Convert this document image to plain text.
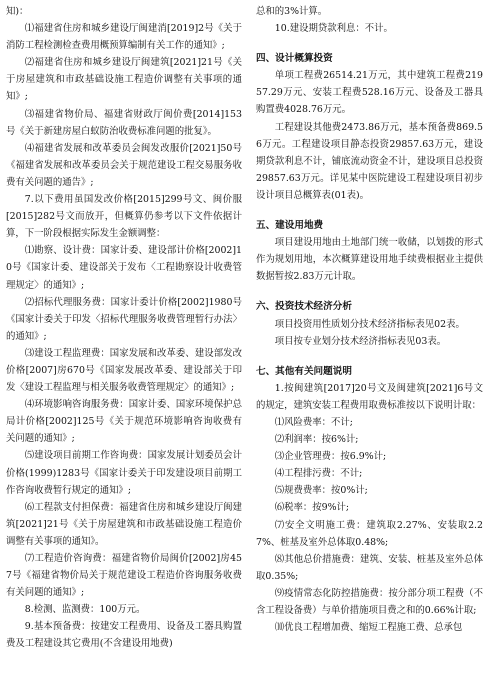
知)：

⑴福建省住房和城乡建设厅闽建消[2019]2号《关于消防工程检测检查费用概预算编制有关工作的通知》;

⑵福建省住房和城乡建设厅闽建筑[2021]21号《关于房屋建筑和市政基础设施工程造价调整有关事项的通知》;

⑶福建省物价局、福建省财政厅闽价费[2014]153号《关于新建房屋白蚁防治收费标准问题的批复》。

⑷福建省发展和改革委员会闽发改服价[2021]50号《福建省发展和改革委员会关于规范建设工程交易服务收费有关问题的通告》;

7.以下费用虽国发改价格[2015]299号文、闽价服[2015]282号文而放开，但概算仍参考以下文件依据计算，下一阶段根据实际发生金额调整：

⑴勘察、设计费：国家计委、建设部计价格[2002]10号《国家计委、建设部关于发布〈工程勘察设计收费管理规定〉的通知》;

⑵招标代理服务费：国家计委计价格[2002]1980号《国家计委关于印发〈招标代理服务收费管理暂行办法〉的通知》;

⑶建设工程监理费：国家发展和改革委、建设部发改价格[2007]房670号《国家发展改革委、建设部关于印发〈建设工程监理与相关服务收费管理规定〉的通知》;

⑷环境影响咨询服务费：国家计委、国家环境保护总局计价格[2002]125号《关于规范环境影响咨询收费有关问题的通知》;

⑸建设项目前期工作咨询费：国家发展计划委员会计价格(1999)1283号《国家计委关于印发建设项目前期工作咨询收费暂行规定的通知》;

⑹工程款支付担保费：福建省住房和城乡建设厅闽建筑[2021]21号《关于房屋建筑和市政基础设施工程造价调整有关事项的通知》。

⑺工程造价咨询费：福建省物价局闽价[2002]房457号《福建省物价局关于规范建设工程造价咨询服务收费有关问题的通知》;

8.检测、监测费：100万元。

9.基本预备费：按建安工程费用、设备及工器具购置费及工程建设其它费用(不含建设用地费)

总和的3%计算。

10.建设期贷款利息：不计。

四、设计概算投资

单项工程费26514.21万元，其中建筑工程费21957.29万元、安装工程费528.16万元、设备及工器具购置费4028.76万元。

工程建设其他费2473.86万元，基本预备费869.56万元。工程建设项目静态投资29857.63万元，建设期贷款利息不计，铺底流动资金不计，建设项目总投资29857.63万元。详见某中医院建设工程建设项目初步设计项目总概算表(01表)。

五、建设用地费

项目建设用地由土地部门统一收储，以划拨的形式作为规划用地，本次概算建设用地手续费根据业主提供数据暂按2.83万元计取。

六、投资技术经济分析

项目投资用性质划分技术经济指标表见02表。

项目按专业划分技术经济指标表见03表。

七、其他有关问题说明

1.按闽建筑[2017]20号文及闽建筑[2021]6号文的规定，建筑安装工程费用取费标准按以下说明计取：

⑴风险费率：不计;

⑵利润率：按6%计;

⑶企业管理费：按6.9%计;

⑷工程排污费：不计;

⑸规费费率：按0%计;

⑹税率：按9%计;

⑺安全文明施工费：建筑取2.27%、安装取2.27%、桩基及室外总体取0.48%;

⑻其他总价措施费：建筑、安装、桩基及室外总体取0.35%;

⑼疫情常态化防控措施费：按分部分项工程费（不含工程设备费）与单价措施项目费之和的0.66%计取;

⑽优良工程增加费、缩短工程施工费、总承包
